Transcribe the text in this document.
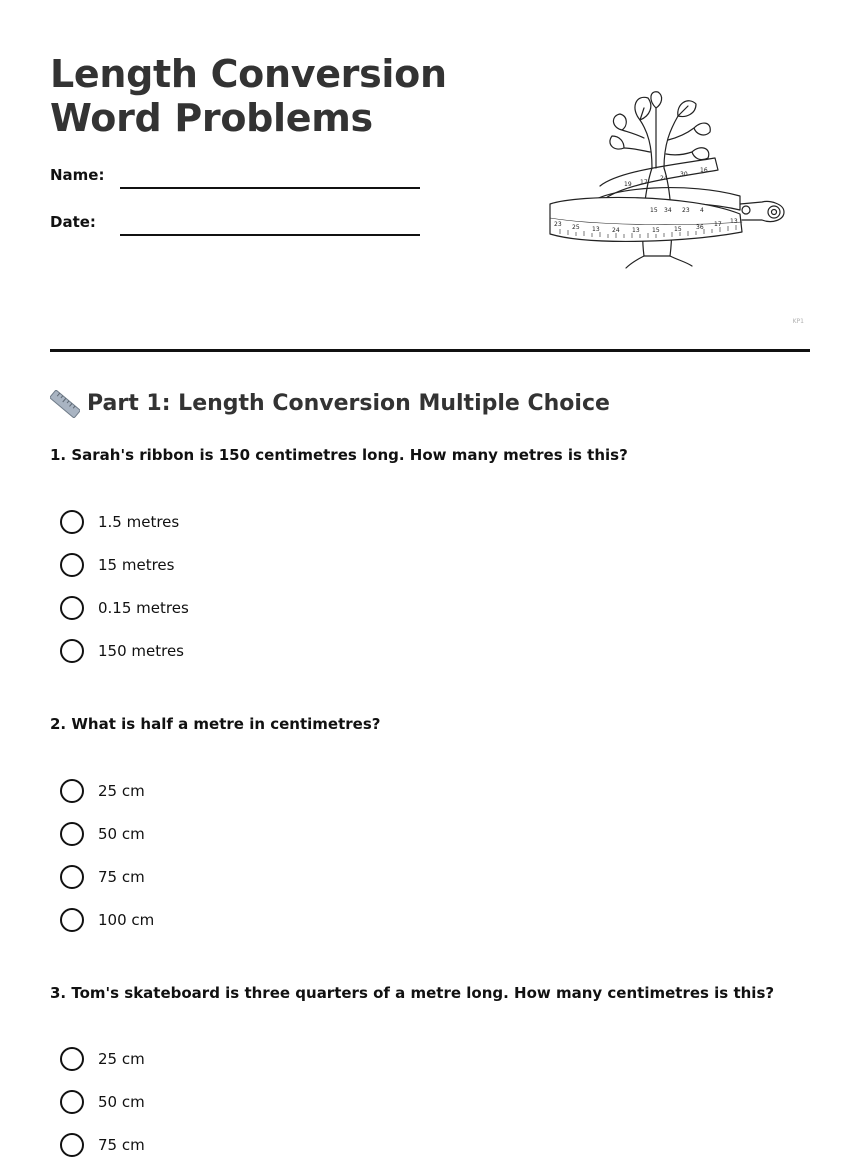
Length Conversion
Word Problems
Name:
Date:	23 25 13 24 13 15 15 36 17 13
15 34 23 4
19 17
24
30
16
KP1
Part 1: Length Conversion Multiple Choice

1. Sarah's ribbon is 150 centimetres long. How many metres is this?

1.5 metres
15 metres
0.15 metres
150 metres

2. What is half a metre in centimetres?

25 cm
50 cm
75 cm
100 cm

3. Tom's skateboard is three quarters of a metre long. How many centimetres is this?

25 cm
50 cm
75 cm
